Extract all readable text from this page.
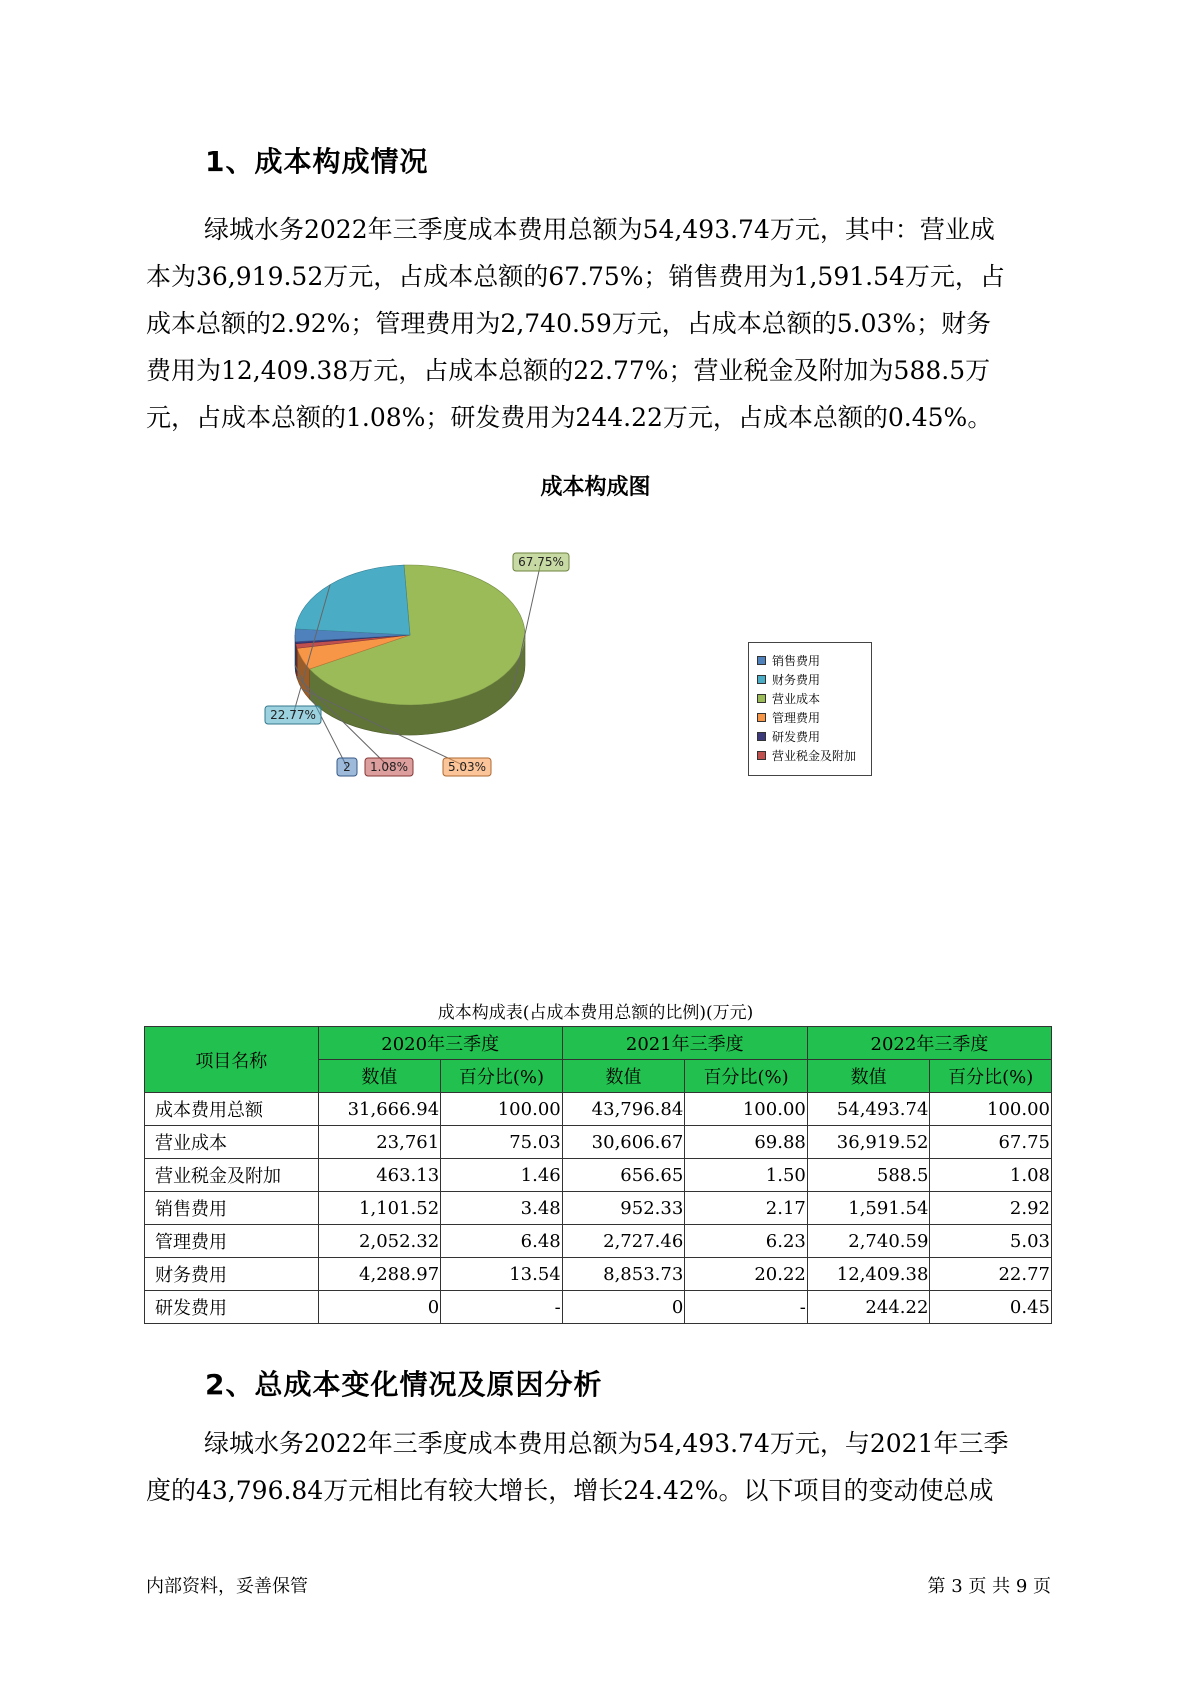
1、成本构成情况
绿城水务2022年三季度成本费用总额为54,493.74万元，其中：营业成
本为36,919.52万元，占成本总额的67.75%；销售费用为1,591.54万元，占
成本总额的2.92%；管理费用为2,740.59万元，占成本总额的5.03%；财务
费用为12,409.38万元，占成本总额的22.77%；营业税金及附加为588.5万
元，占成本总额的1.08%；研发费用为244.22万元，占成本总额的0.45%。
成本构成图
67.75%
5.03%
1.08%
2
22.77%
销售费用
财务费用
营业成本
管理费用
研发费用
营业税金及附加
成本构成表(占成本费用总额的比例)(万元)
项目名称	2020年三季度		2021年三季度		2022年三季度	
	数值	百分比(%)	数值	百分比(%)	数值	百分比(%)
成本费用总额	31,666.94	100.00	43,796.84	100.00	54,493.74	100.00
营业成本	23,761	75.03	30,606.67	69.88	36,919.52	67.75
营业税金及附加	463.13	1.46	656.65	1.50	588.5	1.08
销售费用	1,101.52	3.48	952.33	2.17	1,591.54	2.92
管理费用	2,052.32	6.48	2,727.46	6.23	2,740.59	5.03
财务费用	4,288.97	13.54	8,853.73	20.22	12,409.38	22.77
研发费用	0	-	0	-	244.22	0.45
2、总成本变化情况及原因分析
绿城水务2022年三季度成本费用总额为54,493.74万元，与2021年三季
度的43,796.84万元相比有较大增长，增长24.42%。以下项目的变动使总成
内部资料，妥善保管	第 3 页 共 9 页
